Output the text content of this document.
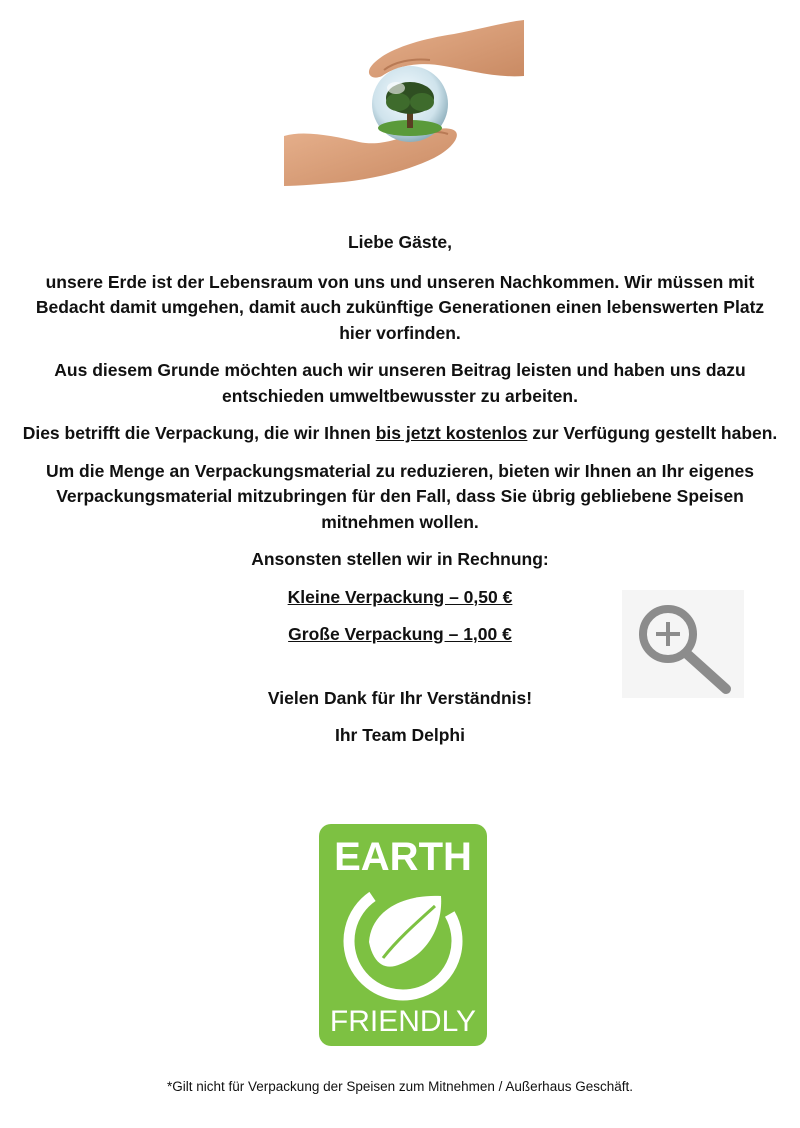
Liebe Gäste,

unsere Erde ist der Lebensraum von uns und unseren Nachkommen. Wir müssen mit Bedacht damit umgehen, damit auch zukünftige Generationen einen lebenswerten Platz hier vorfinden.

Aus diesem Grunde möchten auch wir unseren Beitrag leisten und haben uns dazu entschieden umweltbewusster zu arbeiten.

Dies betrifft die Verpackung, die wir Ihnen bis jetzt kostenlos zur Verfügung gestellt haben.

Um die Menge an Verpackungsmaterial zu reduzieren, bieten wir Ihnen an Ihr eigenes Verpackungsmaterial mitzubringen für den Fall, dass Sie übrig gebliebene Speisen mitnehmen wollen.

Ansonsten stellen wir in Rechnung:

Kleine Verpackung – 0,50 €

Große Verpackung – 1,00 €

Vielen Dank für Ihr Verständnis!

Ihr Team Delphi

EARTH
FRIENDLY
*Gilt nicht für Verpackung der Speisen zum Mitnehmen / Außerhaus Geschäft.
